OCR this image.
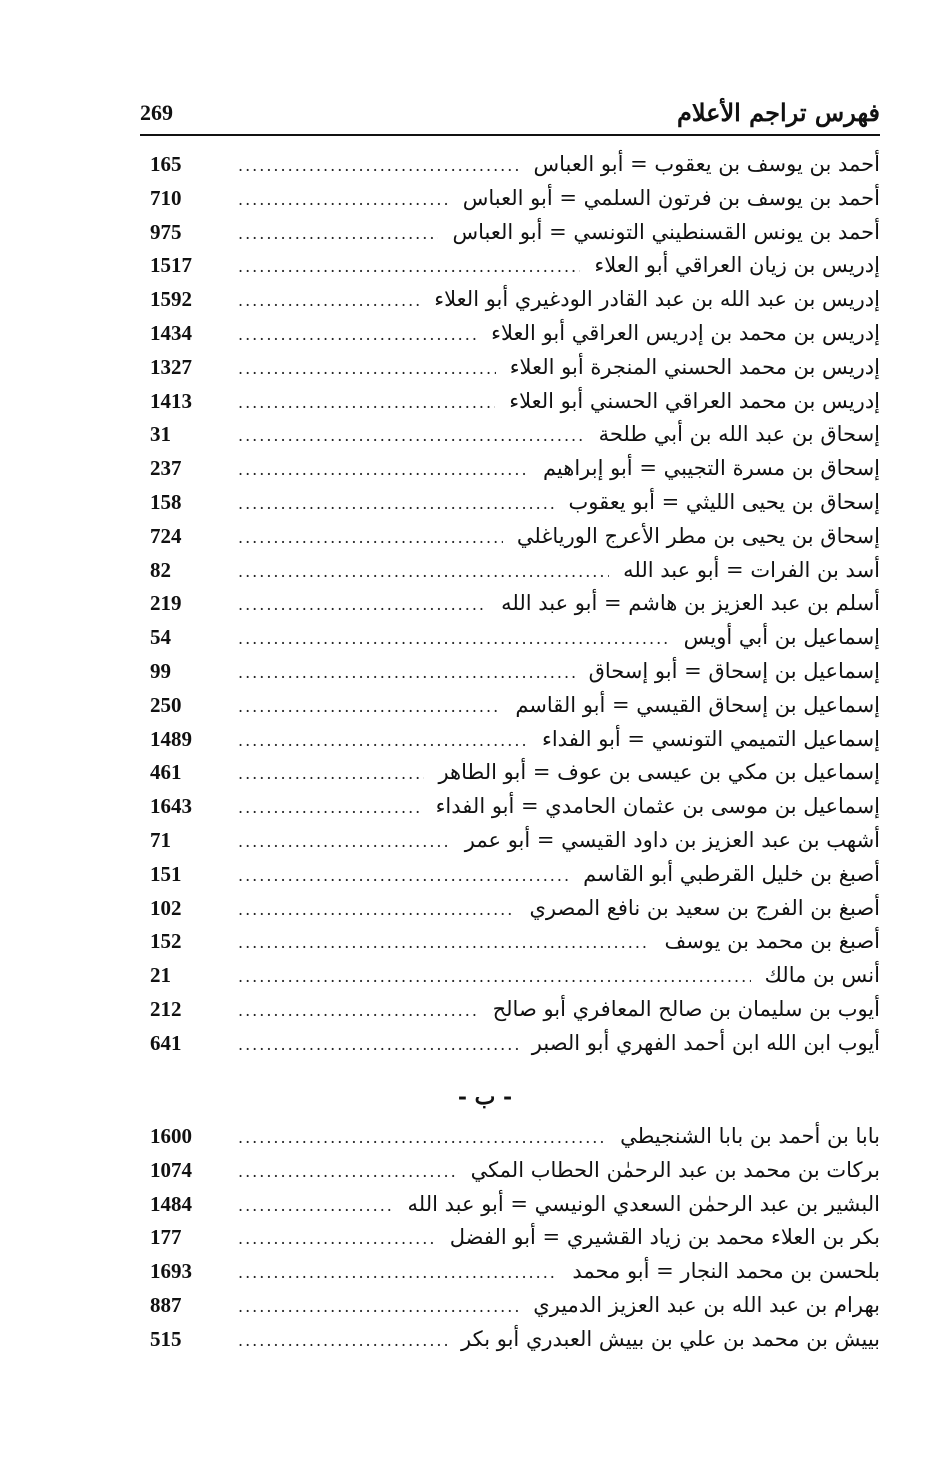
فهرس تراجم الأعلام
269
أحمد بن يوسف بن يعقوب = أبو العباس
.....
165
أحمد بن يوسف بن فرتون السلمي = أبو العباس
.....
710
أحمد بن يونس القسنطيني التونسي = أبو العباس
.....
975
إدريس بن زيان العراقي أبو العلاء
.....
1517
إدريس بن عبد الله بن عبد القادر الودغيري أبو العلاء
.....
1592
إدريس بن محمد بن إدريس العراقي أبو العلاء
.....
1434
إدريس بن محمد الحسني المنجرة أبو العلاء
.....
1327
إدريس بن محمد العراقي الحسني أبو العلاء
.....
1413
إسحاق بن عبد الله بن أبي طلحة
.....
31
إسحاق بن مسرة التجيبي = أبو إبراهيم
.....
237
إسحاق بن يحيى الليثي = أبو يعقوب
.....
158
إسحاق بن يحيى بن مطر الأعرج الورياغلي
.....
724
أسد بن الفرات = أبو عبد الله
.....
82
أسلم بن عبد العزيز بن هاشم = أبو عبد الله
.....
219
إسماعيل بن أبي أويس
.....
54
إسماعيل بن إسحاق = أبو إسحاق
.....
99
إسماعيل بن إسحاق القيسي = أبو القاسم
.....
250
إسماعيل التميمي التونسي = أبو الفداء
.....
1489
إسماعيل بن مكي بن عيسى بن عوف = أبو الطاهر
.....
461
إسماعيل بن موسى بن عثمان الحامدي = أبو الفداء
.....
1643
أشهب بن عبد العزيز بن داود القيسي = أبو عمر
.....
71
أصبغ بن خليل القرطبي أبو القاسم
.....
151
أصبغ بن الفرج بن سعيد بن نافع المصري
.....
102
أصبغ بن محمد بن يوسف
.....
152
أنس بن مالك
.....
21
أيوب بن سليمان بن صالح المعافري أبو صالح
.....
212
أيوب ابن الله ابن أحمد الفهري أبو الصبر
.....
641
- ب -
بابا بن أحمد بن بابا الشنجيطي
.....
1600
بركات بن محمد بن عبد الرحمٰن الحطاب المكي
.....
1074
البشير بن عبد الرحمٰن السعدي الونيسي = أبو عبد الله
.....
1484
بكر بن العلاء محمد بن زياد القشيري = أبو الفضل
.....
177
بلحسن بن محمد النجار = أبو محمد
.....
1693
بهرام بن عبد الله بن عبد العزيز الدميري
.....
887
بييش بن محمد بن علي بن بييش العبدري أبو بكر
.....
515
